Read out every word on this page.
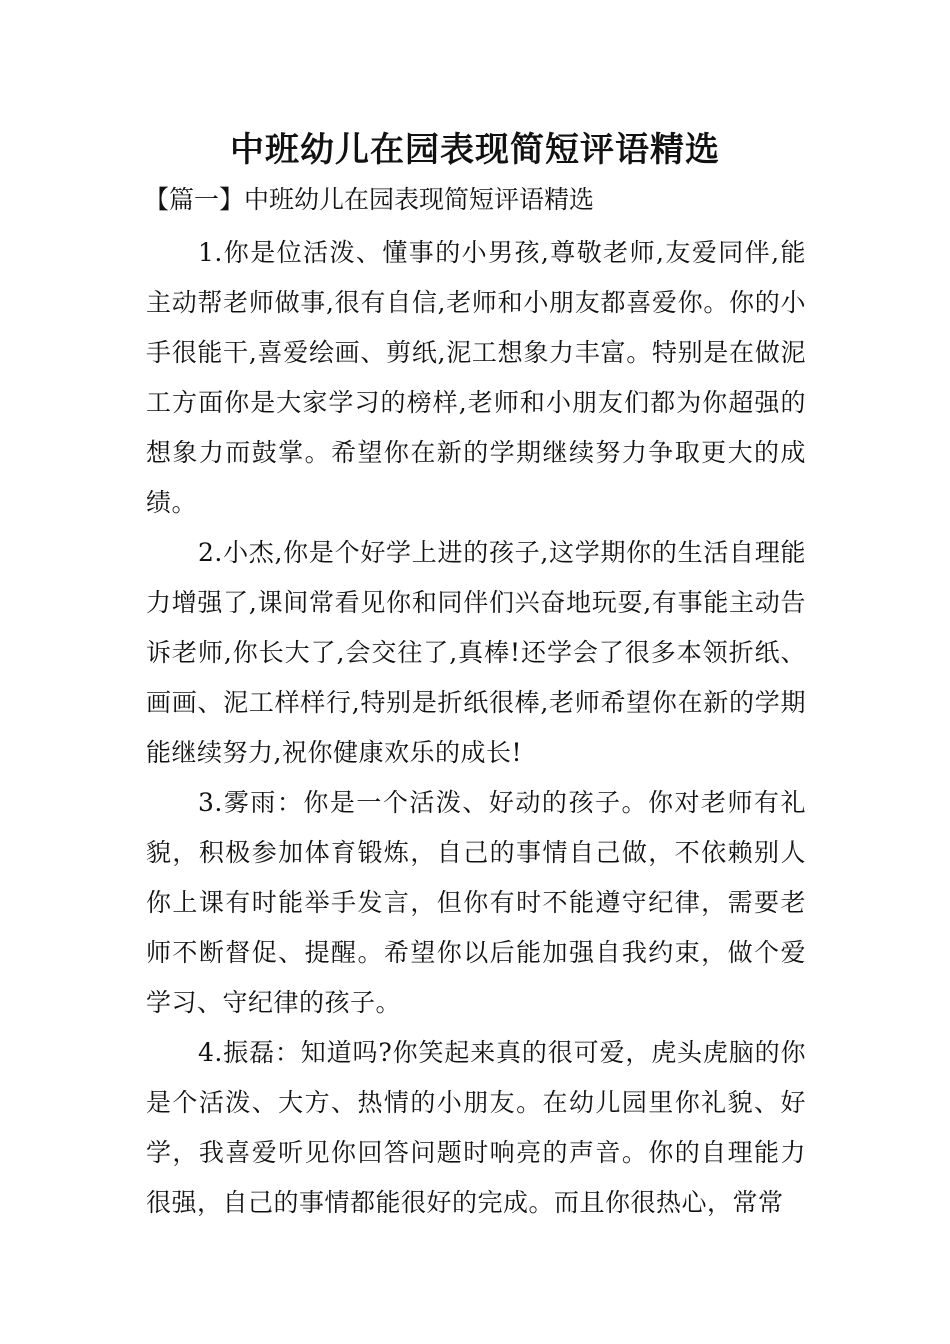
中班幼儿在园表现简短评语精选
【篇一】中班幼儿在园表现简短评语精选

1.你是位活泼、懂事的小男孩,尊敬老师,友爱同伴,能主动帮老师做事,很有自信,老师和小朋友都喜爱你。你的小手很能干,喜爱绘画、剪纸,泥工想象力丰富。特别是在做泥工方面你是大家学习的榜样,老师和小朋友们都为你超强的想象力而鼓掌。希望你在新的学期继续努力争取更大的成绩。

2.小杰,你是个好学上进的孩子,这学期你的生活自理能力增强了,课间常看见你和同伴们兴奋地玩耍,有事能主动告诉老师,你长大了,会交往了,真棒!还学会了很多本领折纸、画画、泥工样样行,特别是折纸很棒,老师希望你在新的学期能继续努力,祝你健康欢乐的成长!

3.雾雨：你是一个活泼、好动的孩子。你对老师有礼貌，积极参加体育锻炼，自己的事情自己做，不依赖别人你上课有时能举手发言，但你有时不能遵守纪律，需要老师不断督促、提醒。希望你以后能加强自我约束，做个爱学习、守纪律的孩子。

4.振磊：知道吗?你笑起来真的很可爱，虎头虎脑的你是个活泼、大方、热情的小朋友。在幼儿园里你礼貌、好学，我喜爱听见你回答问题时响亮的声音。你的自理能力很强，自己的事情都能很好的完成。而且你很热心，常常
